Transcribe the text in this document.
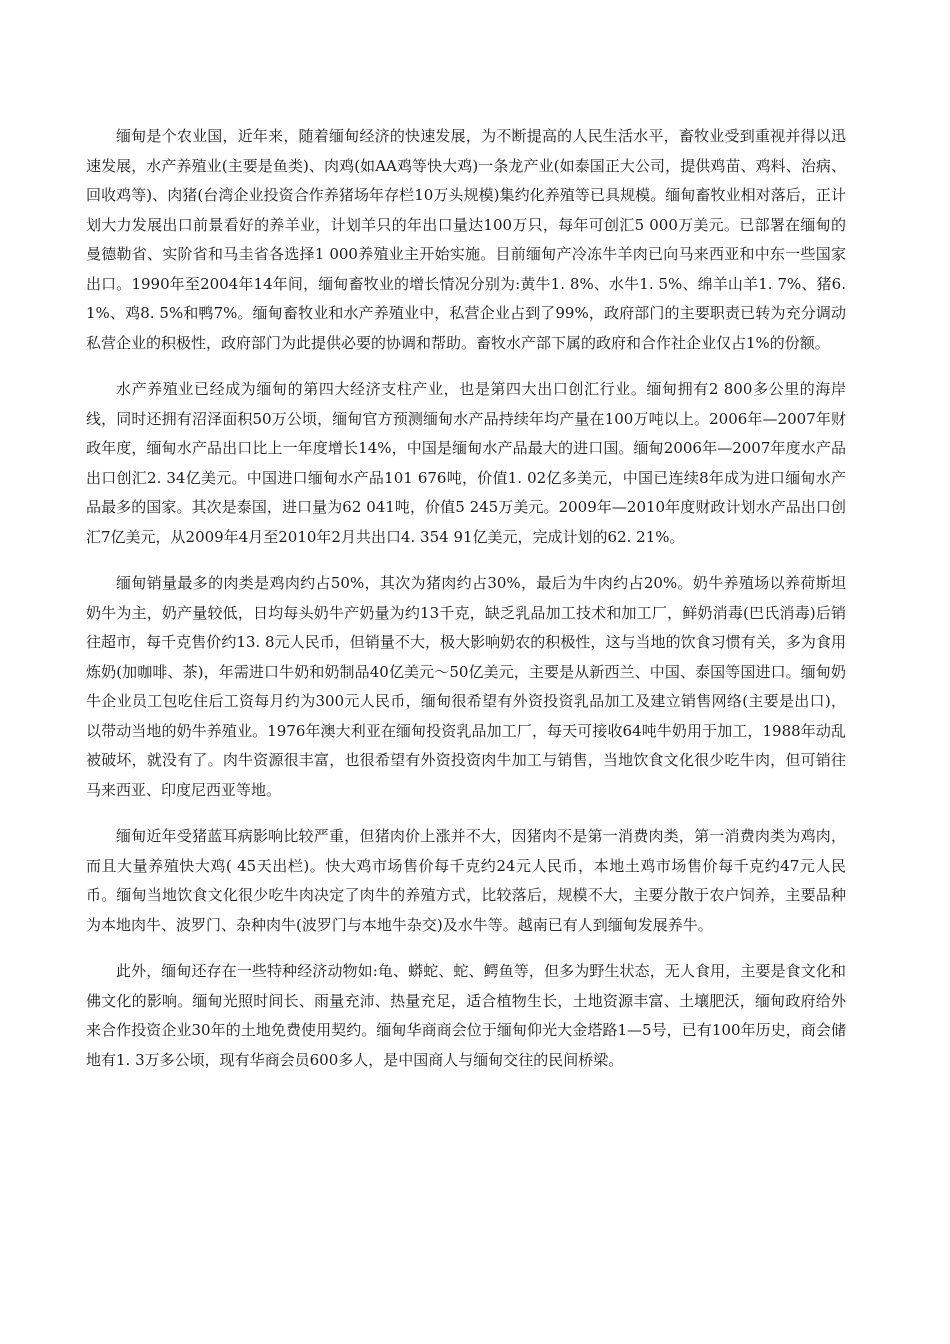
缅甸是个农业国，近年来，随着缅甸经济的快速发展，为不断提高的人民生活水平，畜牧业受到重视并得以迅速发展，水产养殖业(主要是鱼类)、肉鸡(如AA鸡等快大鸡)一条龙产业(如泰国正大公司，提供鸡苗、鸡料、治病、回收鸡等)、肉猪(台湾企业投资合作养猪场年存栏10万头规模)集约化养殖等已具规模。缅甸畜牧业相对落后，正计划大力发展出口前景看好的养羊业，计划羊只的年出口量达100万只，每年可创汇5 000万美元。已部署在缅甸的曼德勒省、实阶省和马圭省各选择1 000养殖业主开始实施。目前缅甸产冷冻牛羊肉已向马来西亚和中东一些国家出口。1990年至2004年14年间，缅甸畜牧业的增长情况分别为:黄牛1. 8%、水牛1. 5%、绵羊山羊1. 7%、猪6. 1%、鸡8. 5%和鸭7%。缅甸畜牧业和水产养殖业中，私营企业占到了99%，政府部门的主要职责已转为充分调动私营企业的积极性，政府部门为此提供必要的协调和帮助。畜牧水产部下属的政府和合作社企业仅占1%的份额。

水产养殖业已经成为缅甸的第四大经济支柱产业，也是第四大出口创汇行业。缅甸拥有2 800多公里的海岸线，同时还拥有沼泽面积50万公顷，缅甸官方预测缅甸水产品持续年均产量在100万吨以上。2006年—2007年财政年度，缅甸水产品出口比上一年度增长14%，中国是缅甸水产品最大的进口国。缅甸2006年—2007年度水产品出口创汇2. 34亿美元。中国进口缅甸水产品101 676吨，价值1. 02亿多美元，中国已连续8年成为进口缅甸水产品最多的国家。其次是泰国，进口量为62 041吨，价值5 245万美元。2009年—2010年度财政计划水产品出口创汇7亿美元，从2009年4月至2010年2月共出口4. 354 91亿美元，完成计划的62. 21%。

缅甸销量最多的肉类是鸡肉约占50%，其次为猪肉约占30%，最后为牛肉约占20%。奶牛养殖场以养荷斯坦奶牛为主，奶产量较低，日均每头奶牛产奶量为约13千克，缺乏乳品加工技术和加工厂，鲜奶消毒(巴氏消毒)后销往超市，每千克售价约13. 8元人民币，但销量不大，极大影响奶农的积极性，这与当地的饮食习惯有关，多为食用炼奶(加咖啡、茶)，年需进口牛奶和奶制品40亿美元～50亿美元，主要是从新西兰、中国、泰国等国进口。缅甸奶牛企业员工包吃住后工资每月约为300元人民币，缅甸很希望有外资投资乳品加工及建立销售网络(主要是出口)，以带动当地的奶牛养殖业。1976年澳大利亚在缅甸投资乳品加工厂，每天可接收64吨牛奶用于加工，1988年动乱被破坏，就没有了。肉牛资源很丰富，也很希望有外资投资肉牛加工与销售，当地饮食文化很少吃牛肉，但可销往马来西亚、印度尼西亚等地。

缅甸近年受猪蓝耳病影响比较严重，但猪肉价上涨并不大，因猪肉不是第一消费肉类，第一消费肉类为鸡肉，而且大量养殖快大鸡( 45天出栏)。快大鸡市场售价每千克约24元人民币，本地土鸡市场售价每千克约47元人民币。缅甸当地饮食文化很少吃牛肉决定了肉牛的养殖方式，比较落后，规模不大，主要分散于农户饲养，主要品种为本地肉牛、波罗门、杂种肉牛(波罗门与本地牛杂交)及水牛等。越南已有人到缅甸发展养牛。

此外，缅甸还存在一些特种经济动物如:龟、蟒蛇、蛇、鳄鱼等，但多为野生状态，无人食用，主要是食文化和佛文化的影响。缅甸光照时间长、雨量充沛、热量充足，适合植物生长，土地资源丰富、土壤肥沃，缅甸政府给外来合作投资企业30年的土地免费使用契约。缅甸华商商会位于缅甸仰光大金塔路1—5号，已有100年历史，商会储地有1. 3万多公顷，现有华商会员600多人，是中国商人与缅甸交往的民间桥梁。
